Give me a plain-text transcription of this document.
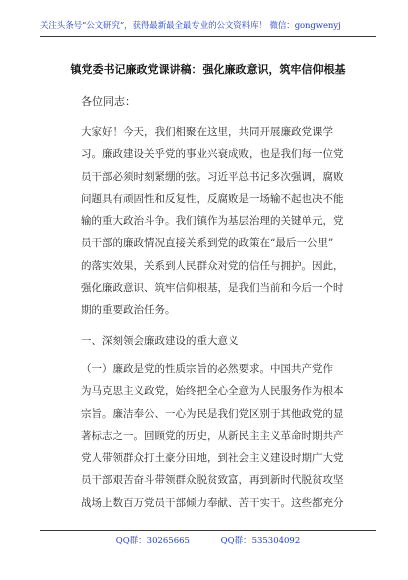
关注头条号“公文研究”，获得最新最全最专业的公文资料库！ 微信：gongwenyj
镇党委书记廉政党课讲稿：强化廉政意识，筑牢信仰根基
各位同志：
大家好！今天，我们相聚在这里，共同开展廉政党课学
习。廉政建设关乎党的事业兴衰成败，也是我们每一位党
员干部必须时刻紧绷的弦。习近平总书记多次强调，腐败
问题具有顽固性和反复性，反腐败是一场输不起也决不能
输的重大政治斗争。我们镇作为基层治理的关键单元，党
员干部的廉政情况直接关系到党的政策在“最后一公里”
的落实效果，关系到人民群众对党的信任与拥护。因此，
强化廉政意识、筑牢信仰根基，是我们当前和今后一个时
期的重要政治任务。
一、深刻领会廉政建设的重大意义
（一）廉政是党的性质宗旨的必然要求。中国共产党作
为马克思主义政党，始终把全心全意为人民服务作为根本
宗旨。廉洁奉公、一心为民是我们党区别于其他政党的显
著标志之一。回顾党的历史，从新民主主义革命时期共产
党人带领群众打土豪分田地，到社会主义建设时期广大党
员干部艰苦奋斗带领群众脱贫致富，再到新时代脱贫攻坚
战场上数百万党员干部倾力奉献、苦干实干。这些都充分
QQ群：30265665	QQ群：535304092
